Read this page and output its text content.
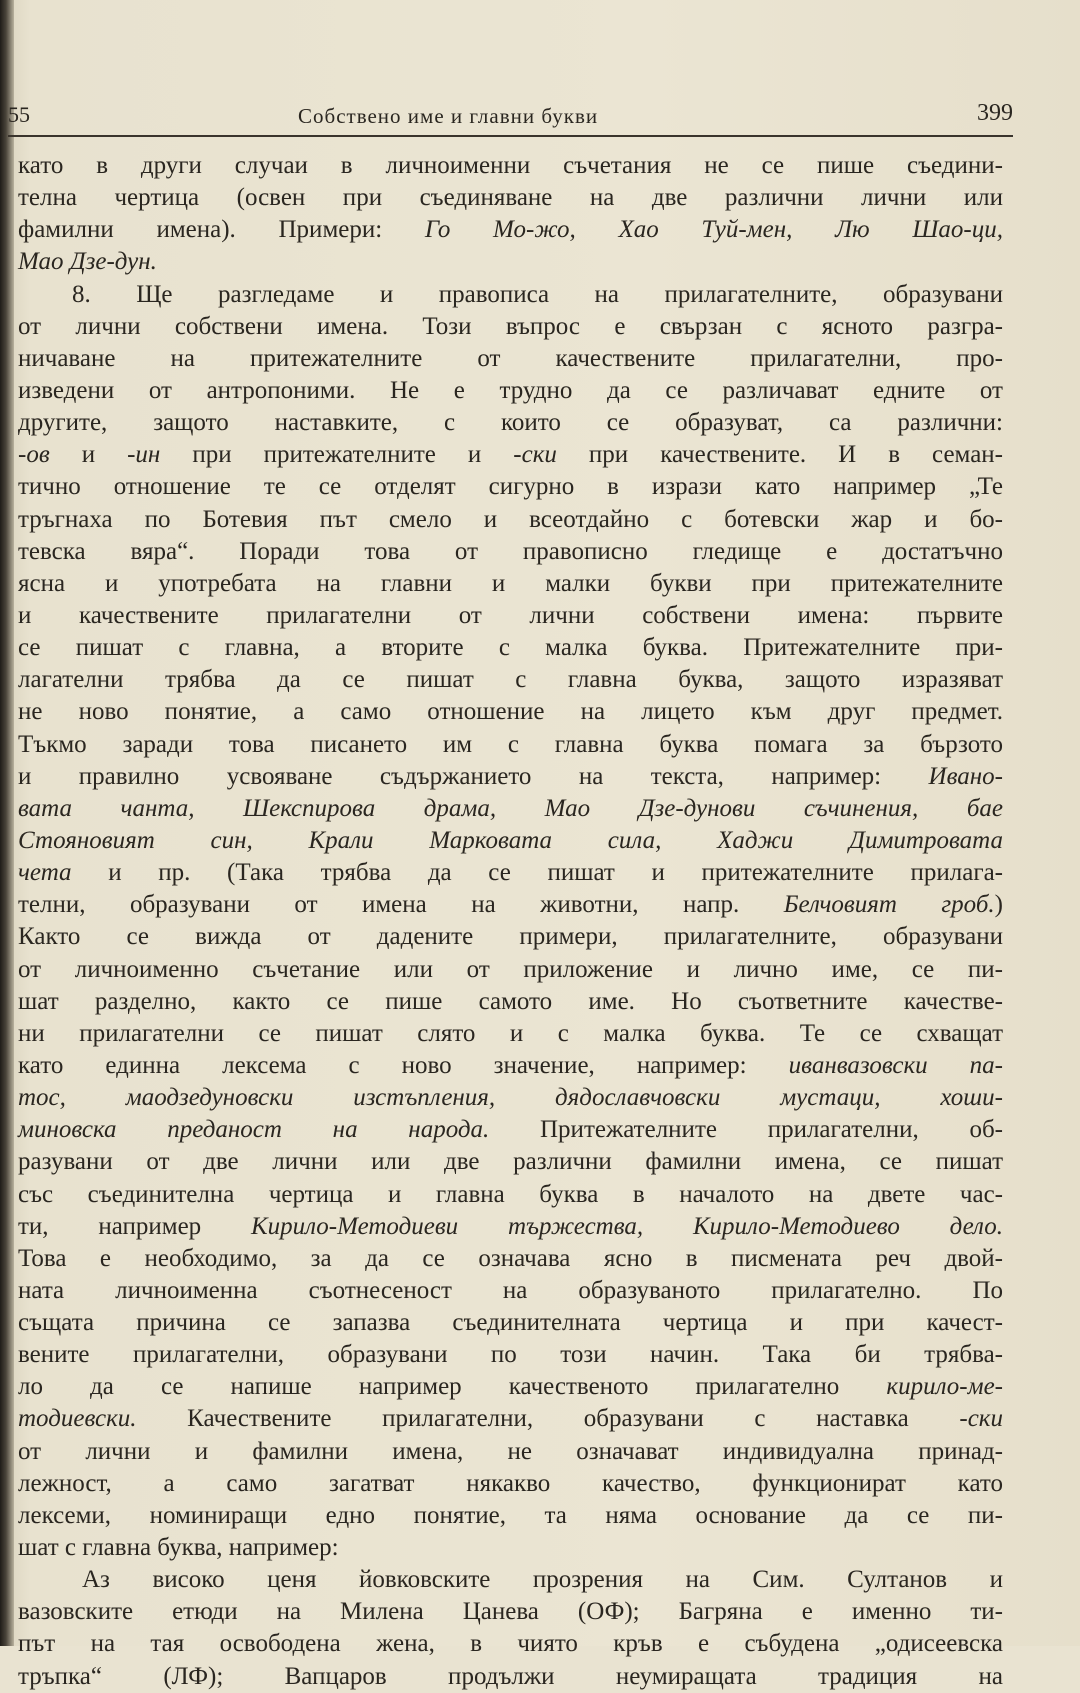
55	Собствено име и главни букви	399
като в други случаи в личноименни съчетания не се пише съедини-
телна чертица (освен при съединяване на две различни лични или
фамилни имена). Примери: Го Мо-жо, Хао Туй-мен, Лю Шао-ци,
Мао Дзе-дун.
8. Ще разгледаме и правописа на прилагателните, образувани
от лични собствени имена. Този въпрос е свързан с ясното разгра-
ничаване на притежателните от качествените прилагателни, про-
изведени от антропоними. Не е трудно да се различават едните от
другите, защото наставките, с които се образуват, са различни:
-ов и -ин при притежателните и -ски при качествените. И в семан-
тично отношение те се отделят сигурно в изрази като например „Те
тръгнаха по Ботевия път смело и всеотдайно с ботевски жар и бо-
тевска вяра“. Поради това от правописно гледище е достатъчно
ясна и употребата на главни и малки букви при притежателните
и качествените прилагателни от лични собствени имена: първите
се пишат с главна, а вторите с малка буква. Притежателните при-
лагателни трябва да се пишат с главна буква, защото изразяват
не ново понятие, а само отношение на лицето към друг предмет.
Тъкмо заради това писането им с главна буква помага за бързото
и правилно усвояване съдържанието на текста, например: Ивано-
вата чанта, Шекспирова драма, Мао Дзе-дунови съчинения, бае
Стояновият син, Крали Марковата сила, Хаджи Димитровата
чета и пр. (Така трябва да се пишат и притежателните прилага-
телни, образувани от имена на животни, напр. Белчовият гроб.)
Както се вижда от дадените примери, прилагателните, образувани
от личноименно съчетание или от приложение и лично име, се пи-
шат разделно, както се пише самото име. Но съответните качестве-
ни прилагателни се пишат слято и с малка буква. Те се схващат
като единна лексема с ново значение, например: иванвазовски па-
тос, маодзедуновски изстъпления, дядославчовски мустаци, хоши-
миновска преданост на народа. Притежателните прилагателни, об-
разувани от две лични или две различни фамилни имена, се пишат
със съединителна чертица и главна буква в началото на двете час-
ти, например Кирило-Методиеви тържества, Кирило-Методиево дело.
Това е необходимо, за да се означава ясно в писмената реч двой-
ната личноименна съотнесеност на образуваното прилагателно. По
същата причина се запазва съединителната чертица и при качест-
вените прилагателни, образувани по този начин. Така би трябва-
ло да се напише например качественото прилагателно кирило-ме-
тодиевски. Качествените прилагателни, образувани с наставка -ски
от лични и фамилни имена, не означават индивидуална принад-
лежност, а само загатват някакво качество, функционират като
лексеми, номиниращи едно понятие, та няма основание да се пи-
шат с главна буква, например:
Аз високо ценя йовковските прозрения на Сим. Султанов и
вазовските етюди на Милена Цанева (ОФ); Багряна е именно ти-
път на тая освободена жена, в чиято кръв е събудена „одисеевска
тръпка“ (ЛФ); Вапцаров продължи неумиращата традиция на
